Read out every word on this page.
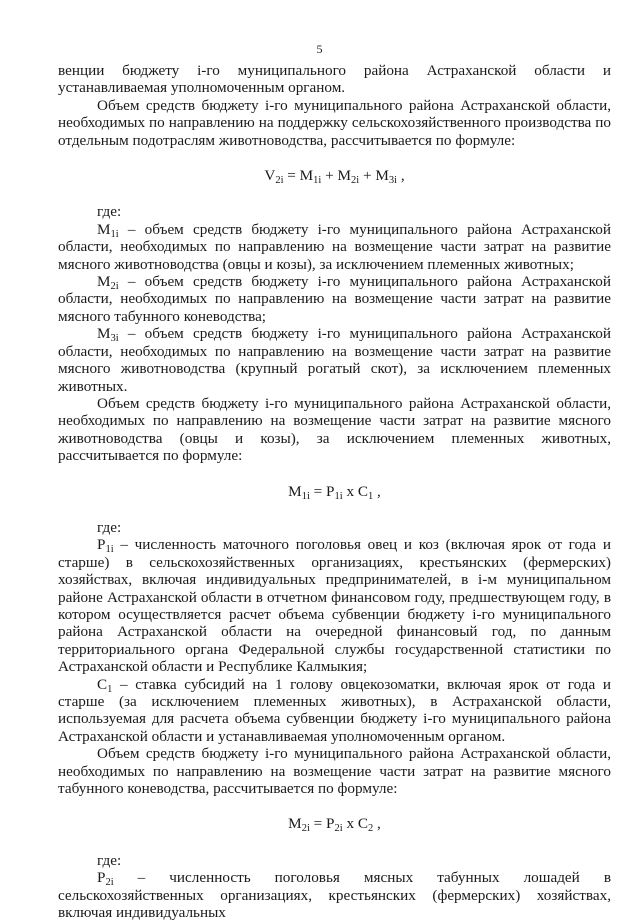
5

венции бюджету i-го муниципального района Астраханской области и устанавливаемая уполномоченным органом.

Объем средств бюджету i-го муниципального района Астраханской области, необходимых по направлению на поддержку сельскохозяйственного производства по отдельным подотраслям животноводства, рассчитывается по формуле:

$V_{2i} = M_{1i} + M_{2i} + M_{3i}$ ,

где:

$M_{1i}$ – объем средств бюджету i-го муниципального района Астраханской области, необходимых по направлению на возмещение части затрат на развитие мясного животноводства (овцы и козы), за исключением племенных животных;

$M_{2i}$ – объем средств бюджету i-го муниципального района Астраханской области, необходимых по направлению на возмещение части затрат на развитие мясного табунного коневодства;

$M_{3i}$ – объем средств бюджету i-го муниципального района Астраханской области, необходимых по направлению на возмещение части затрат на развитие мясного животноводства (крупный рогатый скот), за исключением племенных животных.

Объем средств бюджету i-го муниципального района Астраханской области, необходимых по направлению на возмещение части затрат на развитие мясного животноводства (овцы и козы), за исключением племенных животных, рассчитывается по формуле:

$M_{1i} = P_{1i}$ x $C_1$ ,

где:

$P_{1i}$ – численность маточного поголовья овец и коз (включая ярок от года и старше) в сельскохозяйственных организациях, крестьянских (фермерских) хозяйствах, включая индивидуальных предпринимателей, в i-м муниципальном районе Астраханской области в отчетном финансовом году, предшествующем году, в котором осуществляется расчет объема субвенции бюджету i-го муниципального района Астраханской области на очередной финансовый год, по данным территориального органа Федеральной службы государственной статистики по Астраханской области и Республике Калмыкия;

$C_1$ – ставка субсидий на 1 голову овцекозоматки, включая ярок от года и старше (за исключением племенных животных), в Астраханской области, используемая для расчета объема субвенции бюджету i-го муниципального района Астраханской области и устанавливаемая уполномоченным органом.

Объем средств бюджету i-го муниципального района Астраханской области, необходимых по направлению на возмещение части затрат на развитие мясного табунного коневодства, рассчитывается по формуле:

$M_{2i} = P_{2i}$ x $C_2$ ,

где:

$P_{2i}$ – численность поголовья мясных табунных лошадей в сельскохозяйственных организациях, крестьянских (фермерских) хозяйствах, включая индивидуальных
